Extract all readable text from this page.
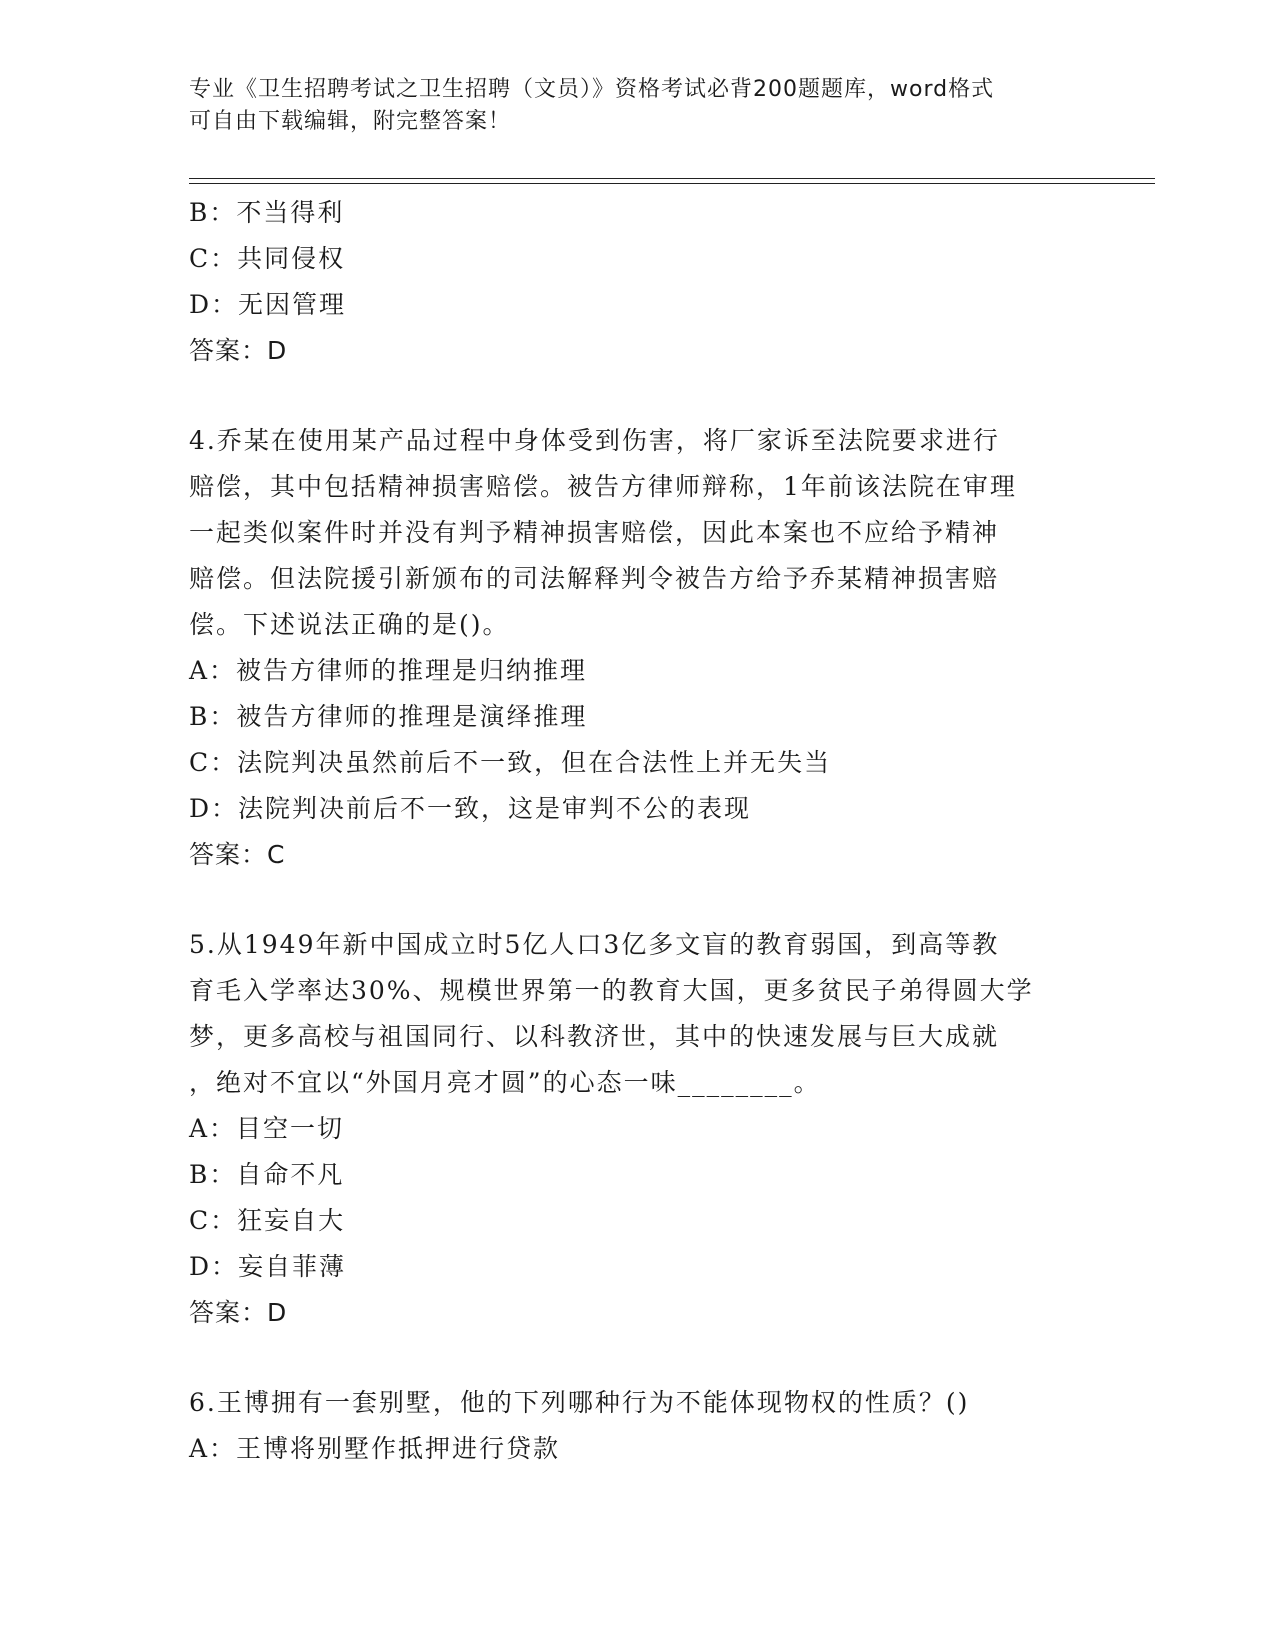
专业《卫生招聘考试之卫生招聘（文员）》资格考试必背200题题库，word格式
可自由下载编辑，附完整答案！
B：不当得利
C：共同侵权
D：无因管理
答案：D
4.乔某在使用某产品过程中身体受到伤害，将厂家诉至法院要求进行
赔偿，其中包括精神损害赔偿。被告方律师辩称，1年前该法院在审理
一起类似案件时并没有判予精神损害赔偿，因此本案也不应给予精神
赔偿。但法院援引新颁布的司法解释判令被告方给予乔某精神损害赔
偿。下述说法正确的是()。
A：被告方律师的推理是归纳推理
B：被告方律师的推理是演绎推理
C：法院判决虽然前后不一致，但在合法性上并无失当
D：法院判决前后不一致，这是审判不公的表现
答案：C
5.从1949年新中国成立时5亿人口3亿多文盲的教育弱国，到高等教
育毛入学率达30%、规模世界第一的教育大国，更多贫民子弟得圆大学
梦，更多高校与祖国同行、以科教济世，其中的快速发展与巨大成就
，绝对不宜以“外国月亮才圆”的心态一味________。
A：目空一切
B：自命不凡
C：狂妄自大
D：妄自菲薄
答案：D
6.王博拥有一套别墅，他的下列哪种行为不能体现物权的性质？()
A：王博将别墅作抵押进行贷款
